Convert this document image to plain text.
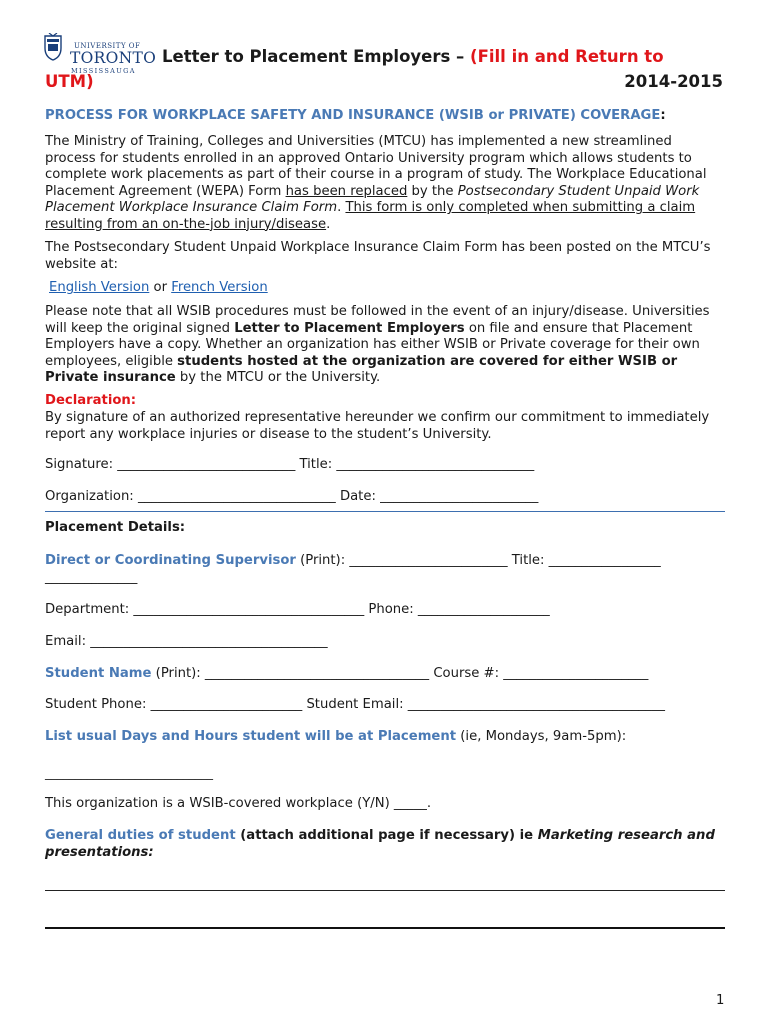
UNIVERSITY OF
TORONTO
MISSISSAUGA
Letter to Placement Employers – (Fill in and Return to
UTM)	2014-2015
PROCESS FOR WORKPLACE SAFETY AND INSURANCE (WSIB or PRIVATE) COVERAGE:

The Ministry of Training, Colleges and Universities (MTCU) has implemented a new streamlined process for students enrolled in an approved Ontario University program which allows students to complete work placements as part of their course in a program of study. The Workplace Educational Placement Agreement (WEPA) Form has been replaced by the Postsecondary Student Unpaid Work Placement Workplace Insurance Claim Form. This form is only completed when submitting a claim resulting from an on-the-job injury/disease.

The Postsecondary Student Unpaid Workplace Insurance Claim Form has been posted on the MTCU’s website at:

English Version or French Version

Please note that all WSIB procedures must be followed in the event of an injury/disease. Universities will keep the original signed Letter to Placement Employers on file and ensure that Placement Employers have a copy. Whether an organization has either WSIB or Private coverage for their own employees, eligible students hosted at the organization are covered for either WSIB or Private insurance by the MTCU or the University.

Declaration:

By signature of an authorized representative hereunder we confirm our commitment to immediately report any workplace injuries or disease to the student’s University.

Signature: ___________________________ Title: ______________________________
Organization: ______________________________ Date: ________________________
Placement Details:
Direct or Coordinating Supervisor (Print): ________________________ Title: _________________
______________
Department: ___________________________________ Phone: ____________________
Email: ____________________________________
Student Name (Print): __________________________________ Course #: ______________________
Student Phone: _______________________ Student Email: _______________________________________
List usual Days and Hours student will be at Placement (ie, Mondays, 9am-5pm):
____________________________
This organization is a WSIB-covered workplace (Y/N) _____.

General duties of student (attach additional page if necessary) ie Marketing research and presentations:

1
